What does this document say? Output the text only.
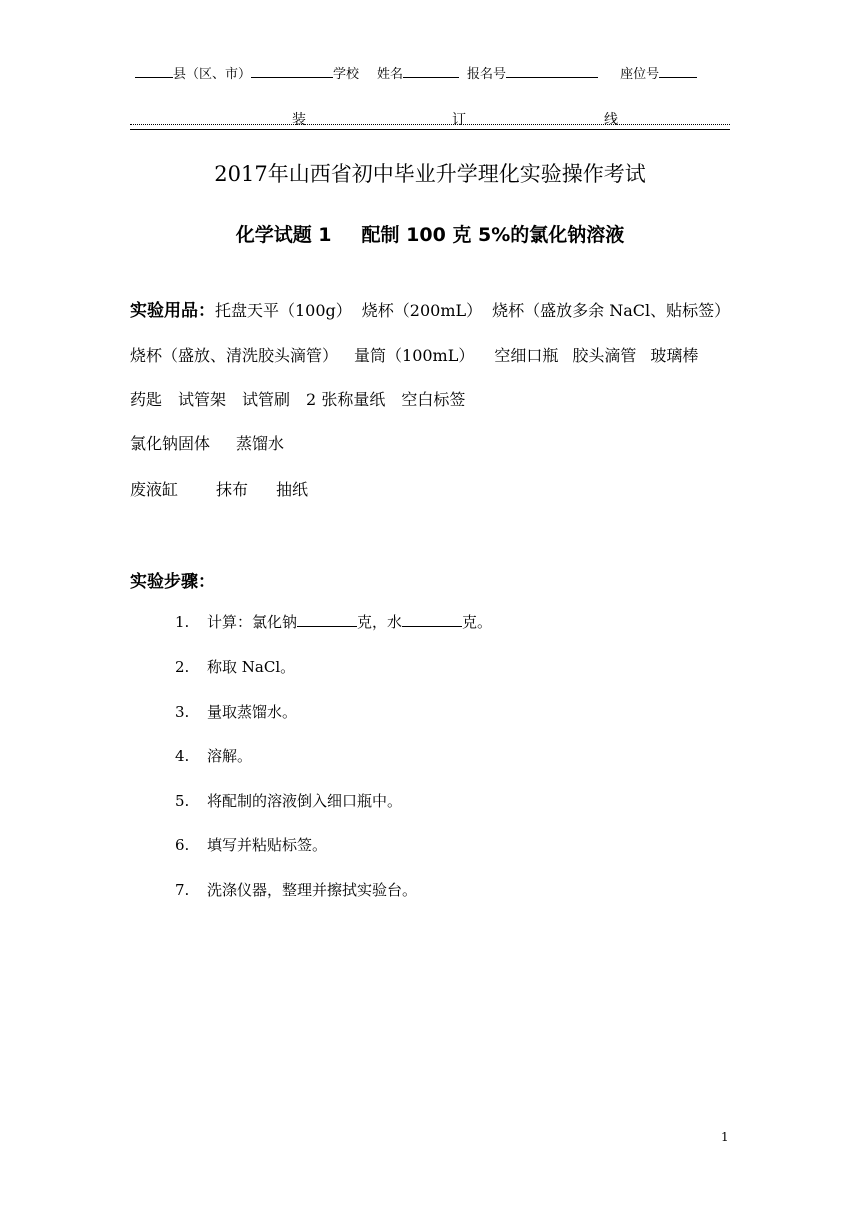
县（区、市）	学校 姓名	报名号	座位号
装	订	线
2017年山西省初中毕业升学理化实验操作考试
化学试题 1 配制 100 克 5%的氯化钠溶液
实验用品：托盘天平（100g） 烧杯（200mL） 烧杯（盛放多余 NaCl、贴标签）
烧杯（盛放、清洗胶头滴管） 量筒（100mL） 空细口瓶 胶头滴管 玻璃棒
药匙 试管架 试管刷 2 张称量纸 空白标签
氯化钠固体 蒸馏水
废液缸 抹布 抽纸
实验步骤：
1. 计算：氯化钠	克，水	克。
2. 称取 NaCl。
3. 量取蒸馏水。
4. 溶解。
5. 将配制的溶液倒入细口瓶中。
6. 填写并粘贴标签。
7. 洗涤仪器，整理并擦拭实验台。
1
